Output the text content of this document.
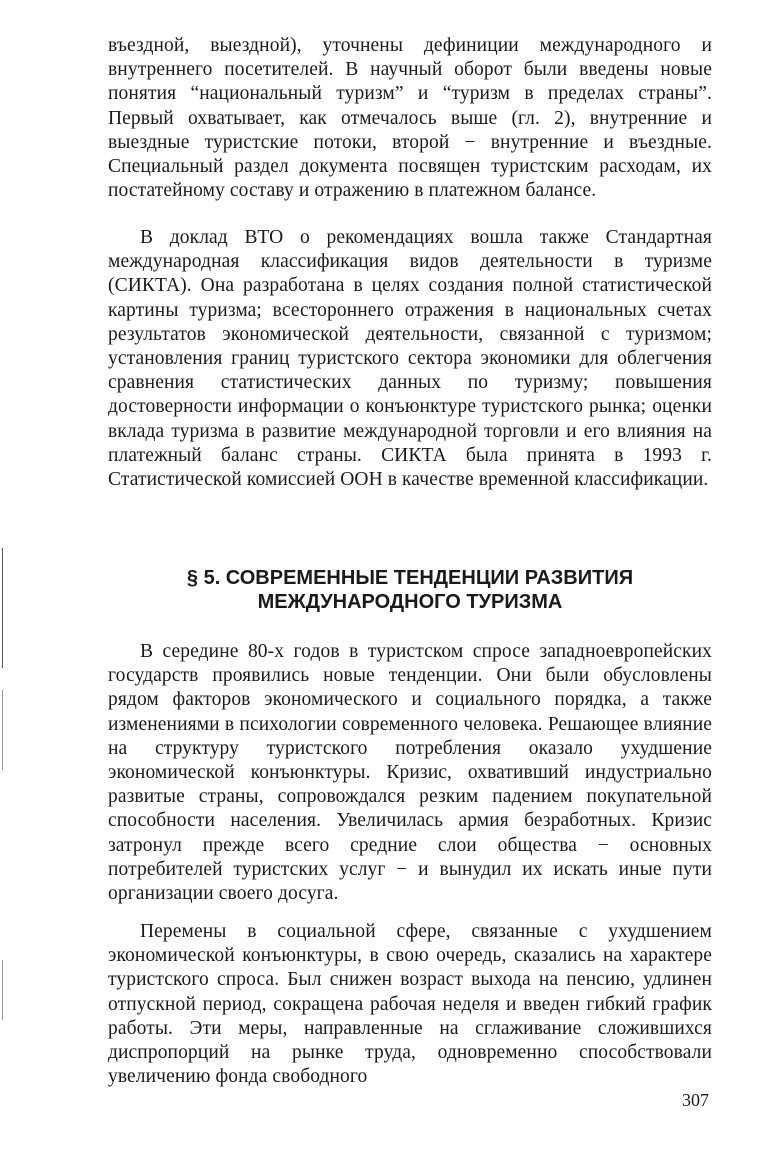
въездной, выездной), уточнены дефиниции международного и внутреннего посетителей. В научный оборот были введены новые понятия “национальный туризм” и “туризм в пределах страны”. Первый охватывает, как отмечалось выше (гл. 2), внутренние и выездные туристские потоки, второй − внутренние и въездные. Специальный раздел документа посвящен туристским расходам, их постатейному составу и отражению в платежном балансе.

В доклад ВТО о рекомендациях вошла также Стандартная международная классификация видов деятельности в туризме (СИКТА). Она разработана в целях создания полной статистической картины туризма; всестороннего отражения в национальных счетах результатов экономической деятельности, связанной с туризмом; установления границ туристского сектора экономики для облегчения сравнения статистических данных по туризму; повышения достоверности информации о конъюнктуре туристского рынка; оценки вклада туризма в развитие международной торговли и его влияния на платежный баланс страны. СИКТА была принята в 1993 г. Статистической комиссией ООН в качестве временной классификации.

§ 5. СОВРЕМЕННЫЕ ТЕНДЕНЦИИ РАЗВИТИЯ
МЕЖДУНАРОДНОГО ТУРИЗМА

В середине 80-х годов в туристском спросе западноевропейских государств проявились новые тенденции. Они были обусловлены рядом факторов экономического и социального порядка, а также изменениями в психологии современного человека. Решающее влияние на структуру туристского потребления оказало ухудшение экономической конъюнктуры. Кризис, охвативший индустриально развитые страны, сопровождался резким падением покупательной способности населения. Увеличилась армия безработных. Кризис затронул прежде всего средние слои общества − основных потребителей туристских услуг − и вынудил их искать иные пути организации своего досуга.

Перемены в социальной сфере, связанные с ухудшением экономической конъюнктуры, в свою очередь, сказались на характере туристского спроса. Был снижен возраст выхода на пенсию, удлинен отпускной период, сокращена рабочая неделя и введен гибкий график работы. Эти меры, направленные на сглаживание сложившихся диспропорций на рынке труда, одновременно способствовали увеличению фонда свободного

307
